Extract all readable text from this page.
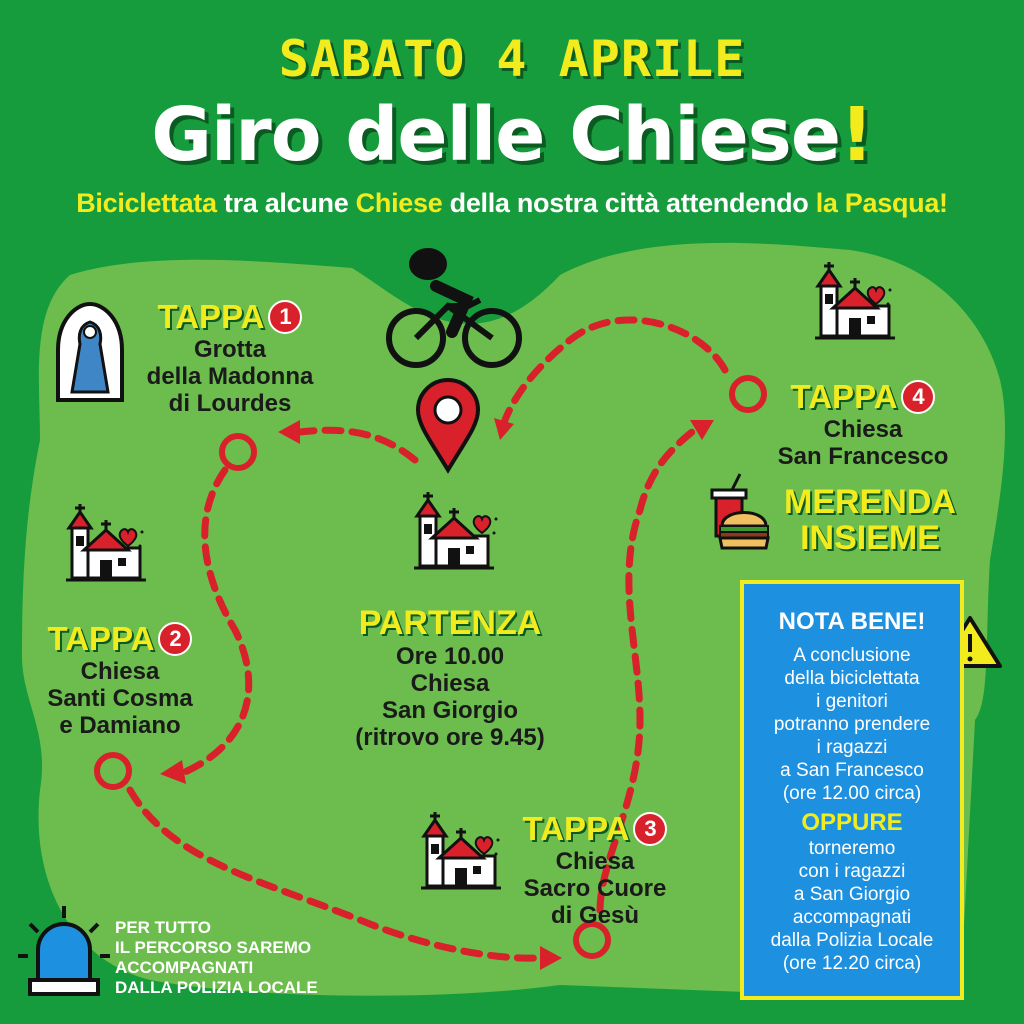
SABATO 4 APRILE
Giro delle Chiese!
Biciclettata tra alcune Chiese della nostra città attendendo la Pasqua!
TAPPA 1
Grotta
della Madonna
di Lourdes
TAPPA 2
Chiesa
Santi Cosma
e Damiano
TAPPA 3
Chiesa
Sacro Cuore
di Gesù
TAPPA 4
Chiesa
San Francesco
PARTENZA
Ore 10.00
Chiesa
San Giorgio
(ritrovo ore 9.45)
MERENDA
INSIEME
NOTA BENE!
A conclusione
della biciclettata
i genitori
potranno prendere
i ragazzi
a San Francesco
(ore 12.00 circa)
OPPURE
torneremo
con i ragazzi
a San Giorgio
accompagnati
dalla Polizia Locale
(ore 12.20 circa)
PER TUTTO
IL PERCORSO SAREMO
ACCOMPAGNATI
DALLA POLIZIA LOCALE
